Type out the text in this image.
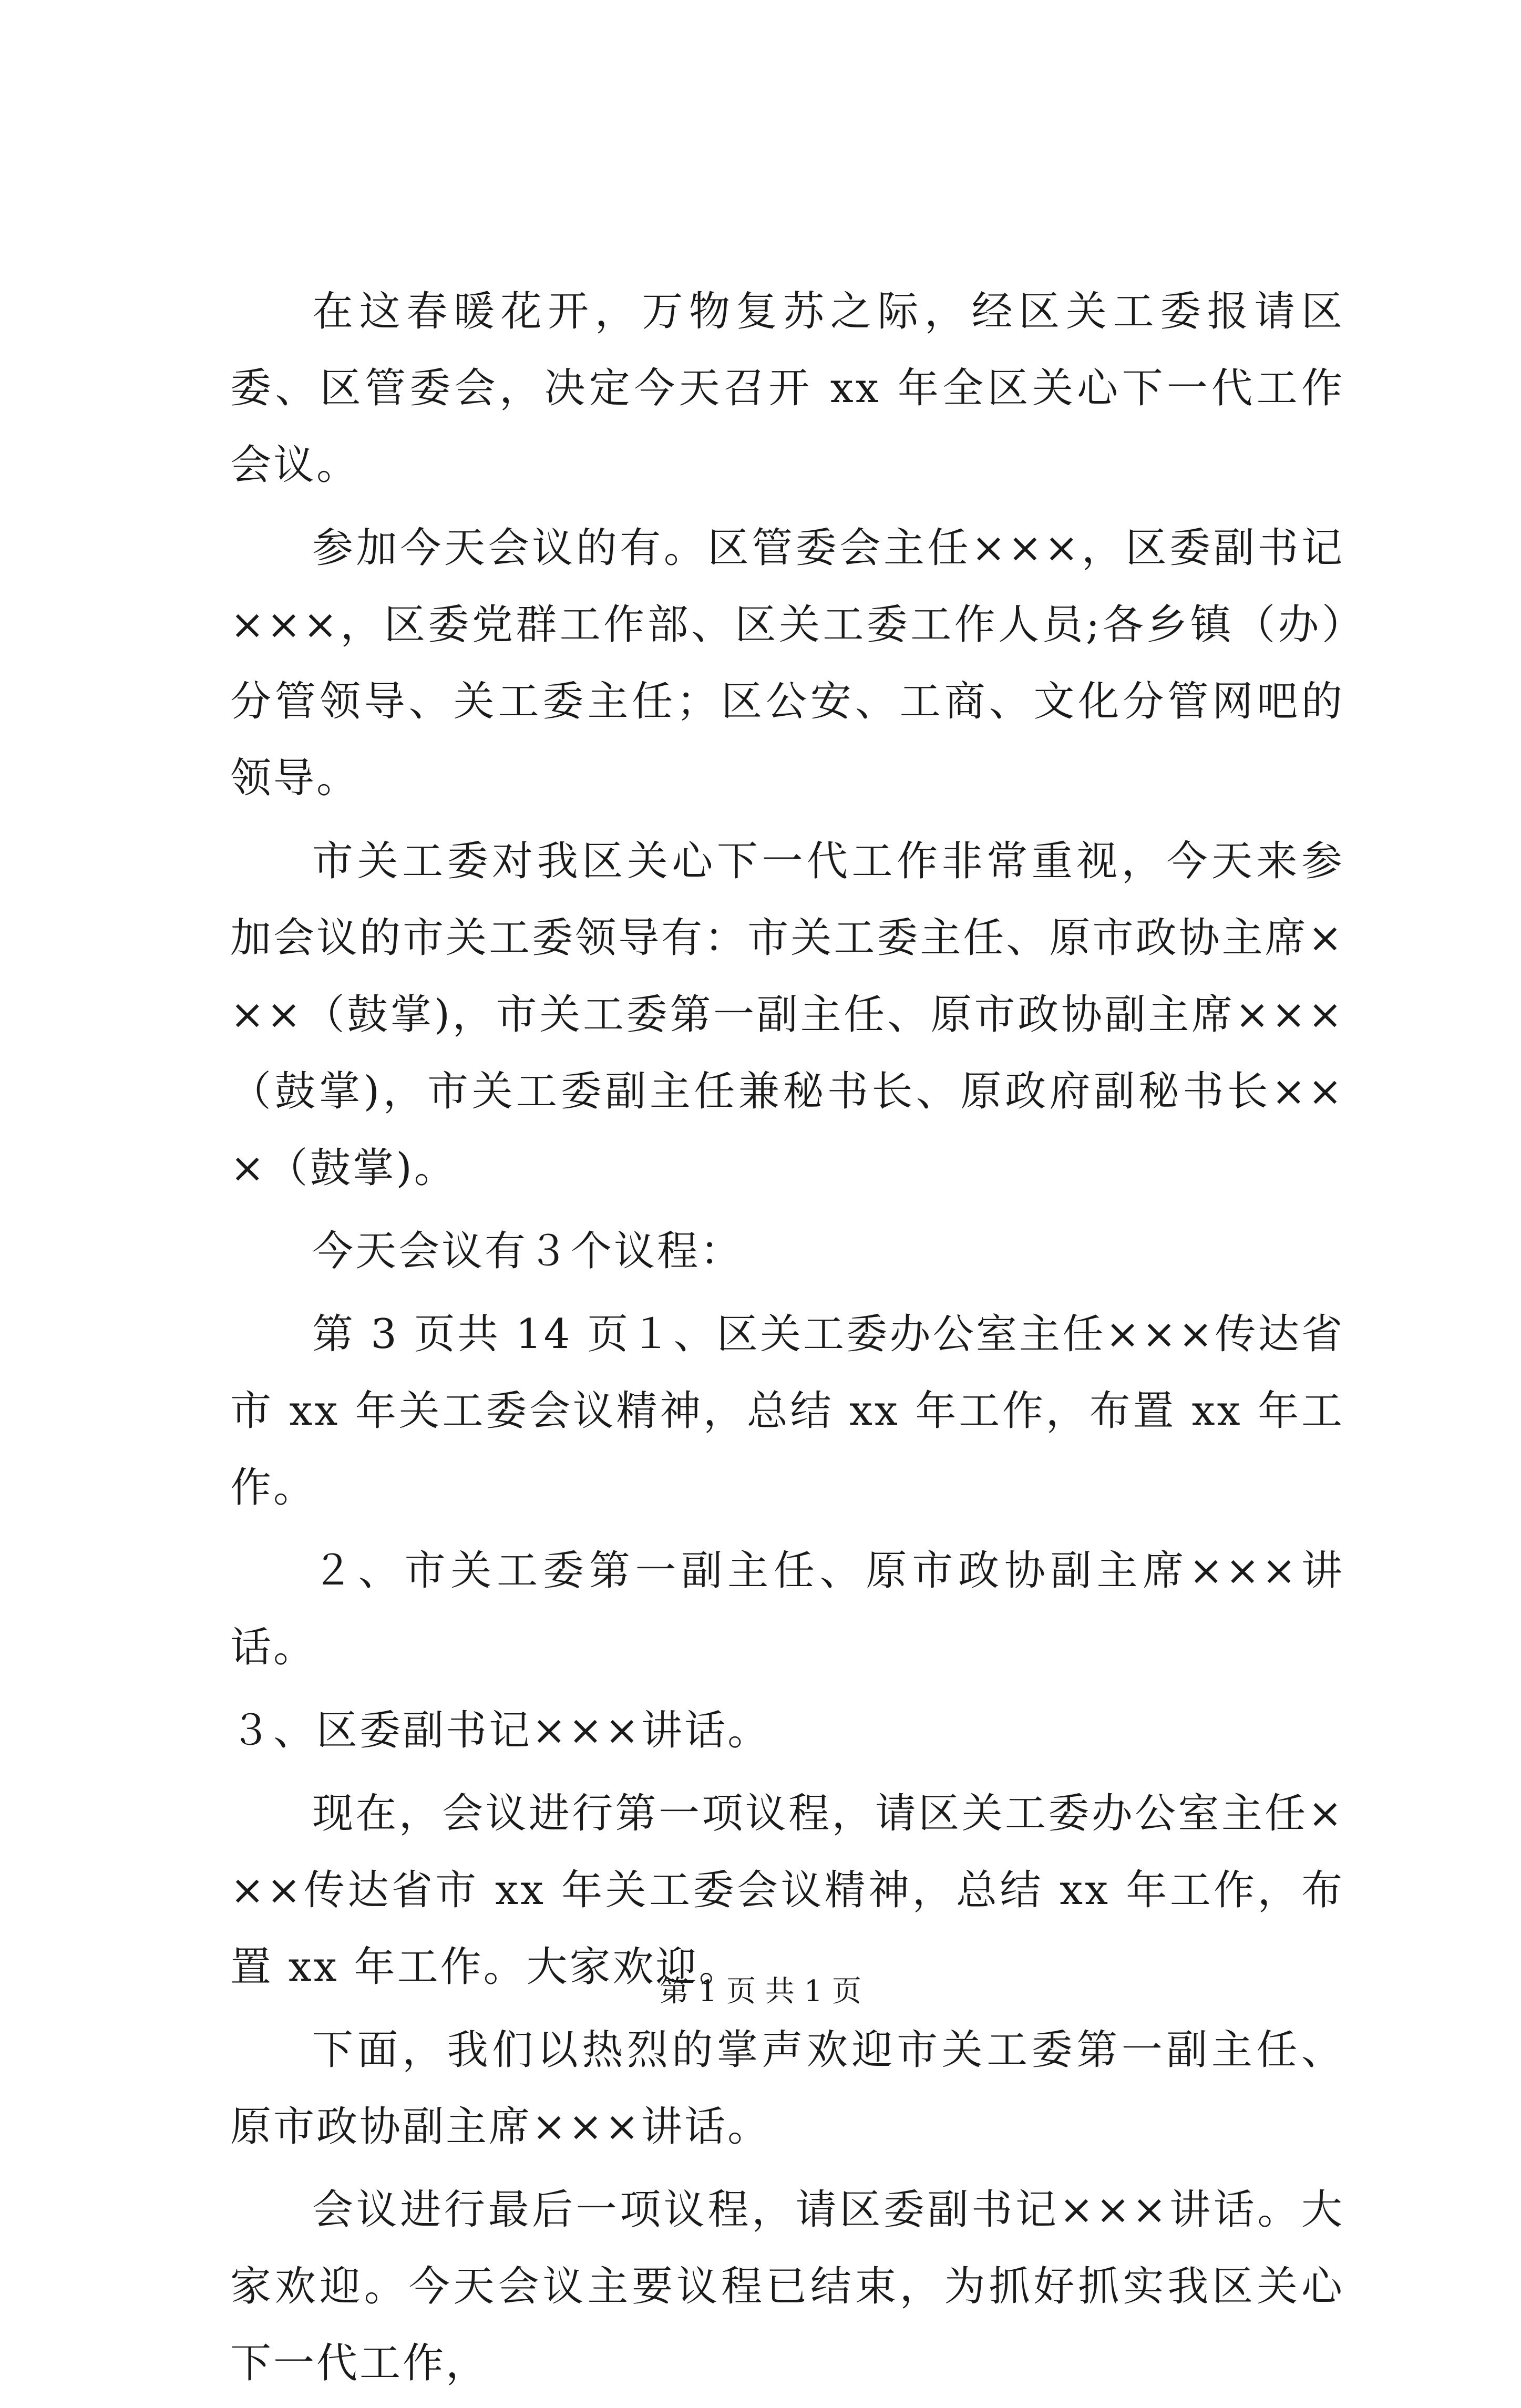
在这春暖花开，万物复苏之际，经区关工委报请区委、区管委会，决定今天召开 xx 年全区关心下一代工作会议。

参加今天会议的有。区管委会主任×××，区委副书记×××，区委党群工作部、区关工委工作人员;各乡镇（办）分管领导、关工委主任；区公安、工商、文化分管网吧的领导。

市关工委对我区关心下一代工作非常重视，今天来参加会议的市关工委领导有：市关工委主任、原市政协主席×××（鼓掌)，市关工委第一副主任、原市政协副主席×××（鼓掌)，市关工委副主任兼秘书长、原政府副秘书长×××（鼓掌)。

今天会议有３个议程：

第 3 页共 14 页１、区关工委办公室主任×××传达省市 xx 年关工委会议精神，总结 xx 年工作，布置 xx 年工作。

２、市关工委第一副主任、原市政协副主席×××讲话。

３、区委副书记×××讲话。

现在，会议进行第一项议程，请区关工委办公室主任×××传达省市 xx 年关工委会议精神，总结 xx 年工作，布置 xx 年工作。大家欢迎。

下面，我们以热烈的掌声欢迎市关工委第一副主任、原市政协副主席×××讲话。

会议进行最后一项议程，请区委副书记×××讲话。大家欢迎。今天会议主要议程已结束，为抓好抓实我区关心下一代工作，

第 1 页 共 1 页
